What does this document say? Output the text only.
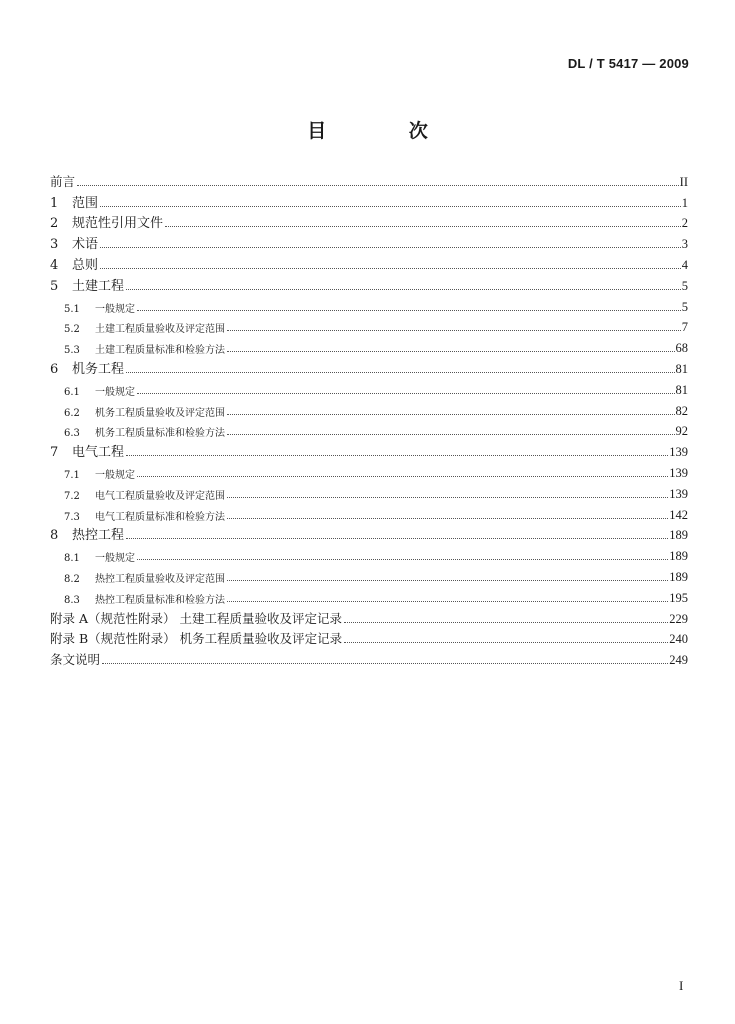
DL / T 5417 — 2009
目 次
前言	II
1	范围	1
2	规范性引用文件	2
3	术语	3
4	总则	4
5	土建工程	5
5.1	一般规定	5
5.2	土建工程质量验收及评定范围	7
5.3	土建工程质量标准和检验方法	68
6	机务工程	81
6.1	一般规定	81
6.2	机务工程质量验收及评定范围	82
6.3	机务工程质量标准和检验方法	92
7	电气工程	139
7.1	一般规定	139
7.2	电气工程质量验收及评定范围	139
7.3	电气工程质量标准和检验方法	142
8	热控工程	189
8.1	一般规定	189
8.2	热控工程质量验收及评定范围	189
8.3	热控工程质量标准和检验方法	195
附录 A（规范性附录） 土建工程质量验收及评定记录	229
附录 B（规范性附录） 机务工程质量验收及评定记录	240
条文说明	249
I
